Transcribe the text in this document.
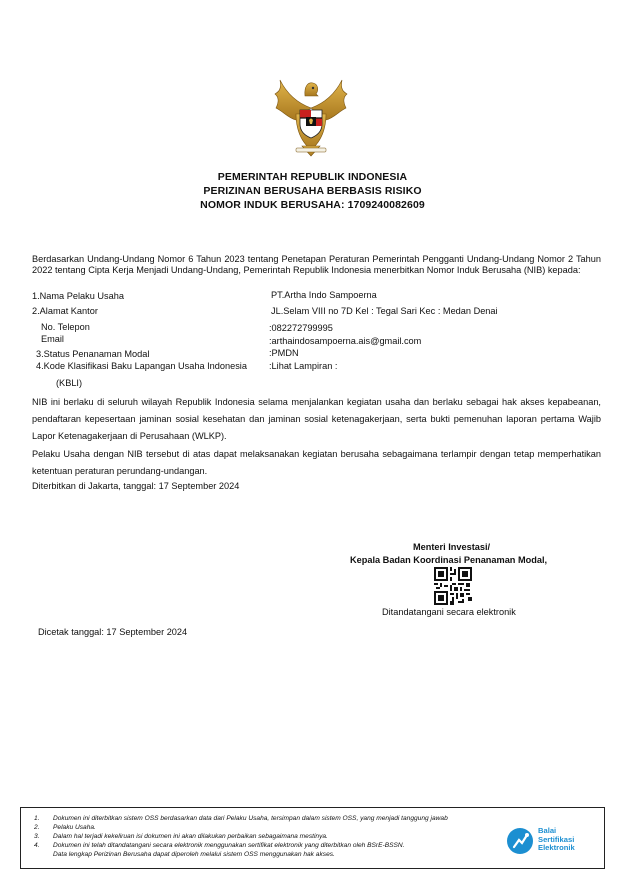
PEMERINTAH REPUBLIK INDONESIA
PERIZINAN BERUSAHA BERBASIS RISIKO
NOMOR INDUK BERUSAHA: 1709240082609
Berdasarkan Undang-Undang Nomor 6 Tahun 2023 tentang Penetapan Peraturan Pemerintah Pengganti Undang-Undang Nomor 2 Tahun 2022 tentang Cipta Kerja Menjadi Undang-Undang, Pemerintah Republik Indonesia menerbitkan Nomor Induk Berusaha (NIB) kepada:
1.Nama Pelaku Usaha	PT.Artha Indo Sampoerna
2.Alamat Kantor	JL.Selam VIII no 7D Kel : Tegal Sari Kec : Medan Denai
No. Telepon	:082272799995
Email	:arthaindosampoerna.ais@gmail.com
3.Status Penanaman Modal	:PMDN
4.Kode Klasifikasi Baku Lapangan Usaha Indonesia :Lihat Lampiran :
(KBLI)
NIB ini berlaku di seluruh wilayah Republik Indonesia selama menjalankan kegiatan usaha dan berlaku sebagai hak akses kepabeanan, pendaftaran kepesertaan jaminan sosial kesehatan dan jaminan sosial ketenagakerjaan, serta bukti pemenuhan laporan pertama Wajib Lapor Ketenagakerjaan di Perusahaan (WLKP).
Pelaku Usaha dengan NIB tersebut di atas dapat melaksanakan kegiatan berusaha sebagaimana terlampir dengan tetap memperhatikan ketentuan peraturan perundang-undangan.
Diterbitkan di Jakarta, tanggal: 17 September 2024
Menteri Investasi/
Kepala Badan Koordinasi Penanaman Modal,
Ditandatangani secara elektronik
Dicetak tanggal: 17 September 2024
1.	Dokumen ini diterbitkan sistem OSS berdasarkan data dari Pelaku Usaha, tersimpan dalam sistem OSS, yang menjadi tanggung jawab
2.	Pelaku Usaha.
3.	Dalam hal terjadi kekeliruan isi dokumen ini akan dilakukan perbaikan sebagaimana mestinya.
4.	Dokumen ini telah ditandatangani secara elektronik menggunakan sertifikat elektronik yang diterbitkan oleh BSrE-BSSN.
Data lengkap Perizinan Berusaha dapat diperoleh melalui sistem OSS menggunakan hak akses.
Balai
Sertifikasi
Elektronik
